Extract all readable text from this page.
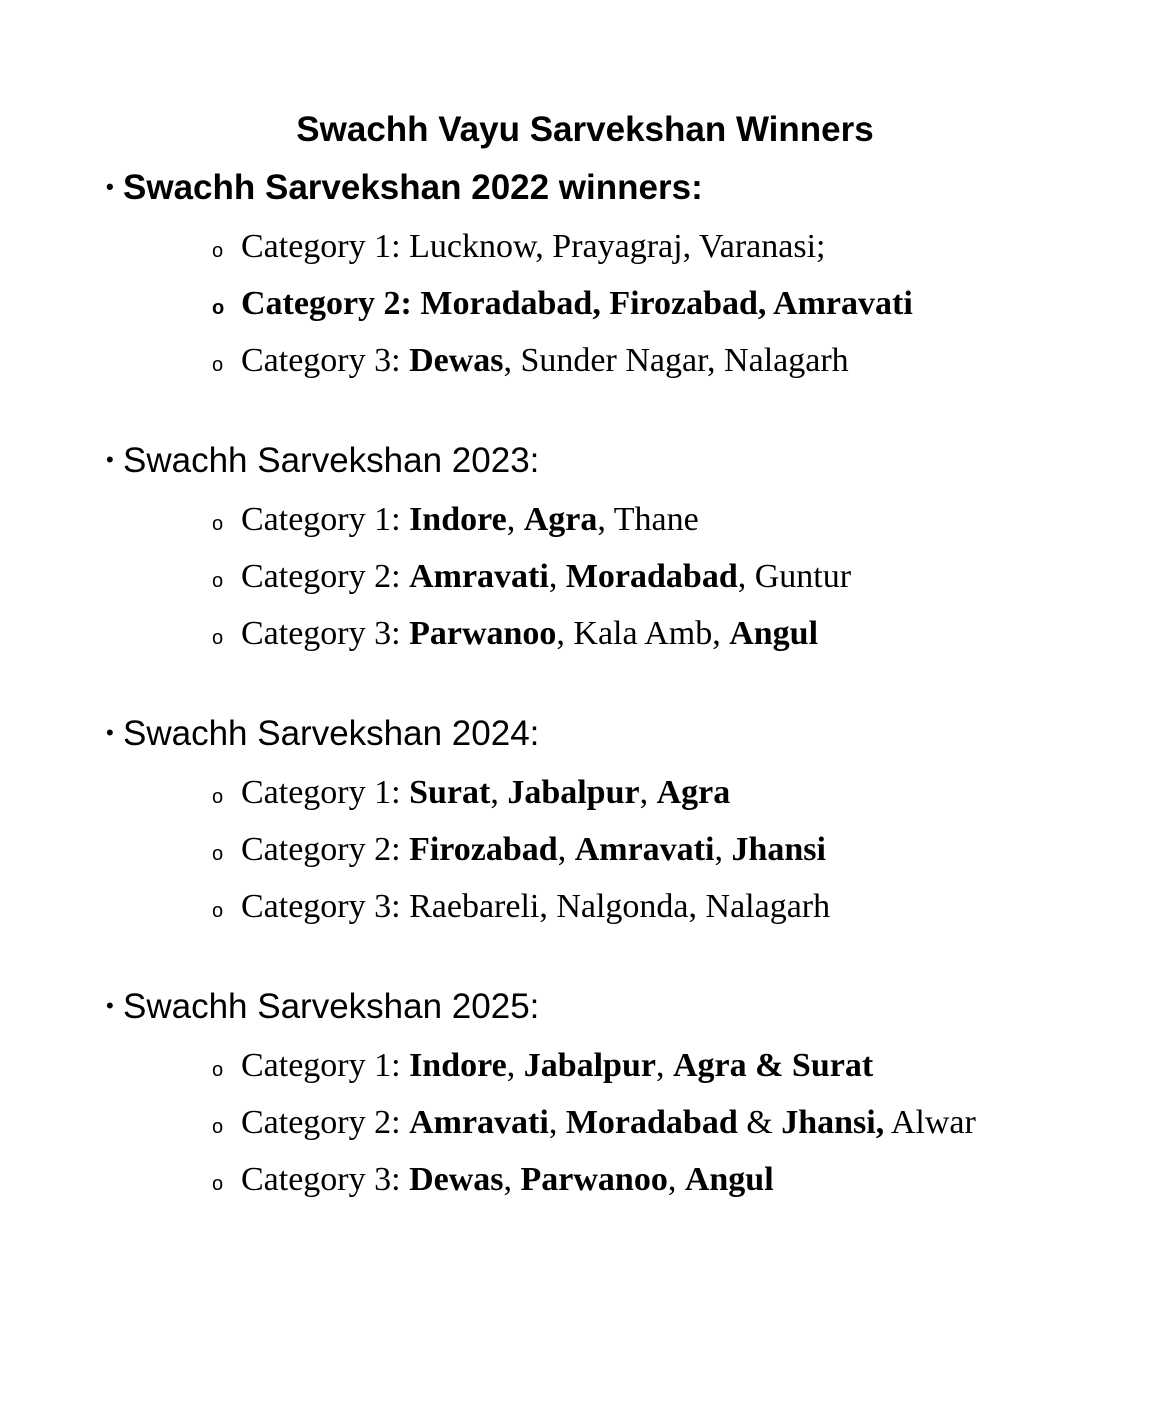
Swachh Vayu Sarvekshan Winners
• Swachh Sarvekshan 2022 winners:
o Category 1: Lucknow, Prayagraj, Varanasi;
o Category 2: Moradabad, Firozabad, Amravati
o Category 3: Dewas, Sunder Nagar, Nalagarh
• Swachh Sarvekshan 2023:
o Category 1: Indore, Agra, Thane
o Category 2: Amravati, Moradabad, Guntur
o Category 3: Parwanoo, Kala Amb, Angul
• Swachh Sarvekshan 2024:
o Category 1: Surat, Jabalpur, Agra
o Category 2: Firozabad, Amravati, Jhansi
o Category 3: Raebareli, Nalgonda, Nalagarh
• Swachh Sarvekshan 2025:
o Category 1: Indore, Jabalpur, Agra & Surat
o Category 2: Amravati, Moradabad & Jhansi, Alwar
o Category 3: Dewas, Parwanoo, Angul
